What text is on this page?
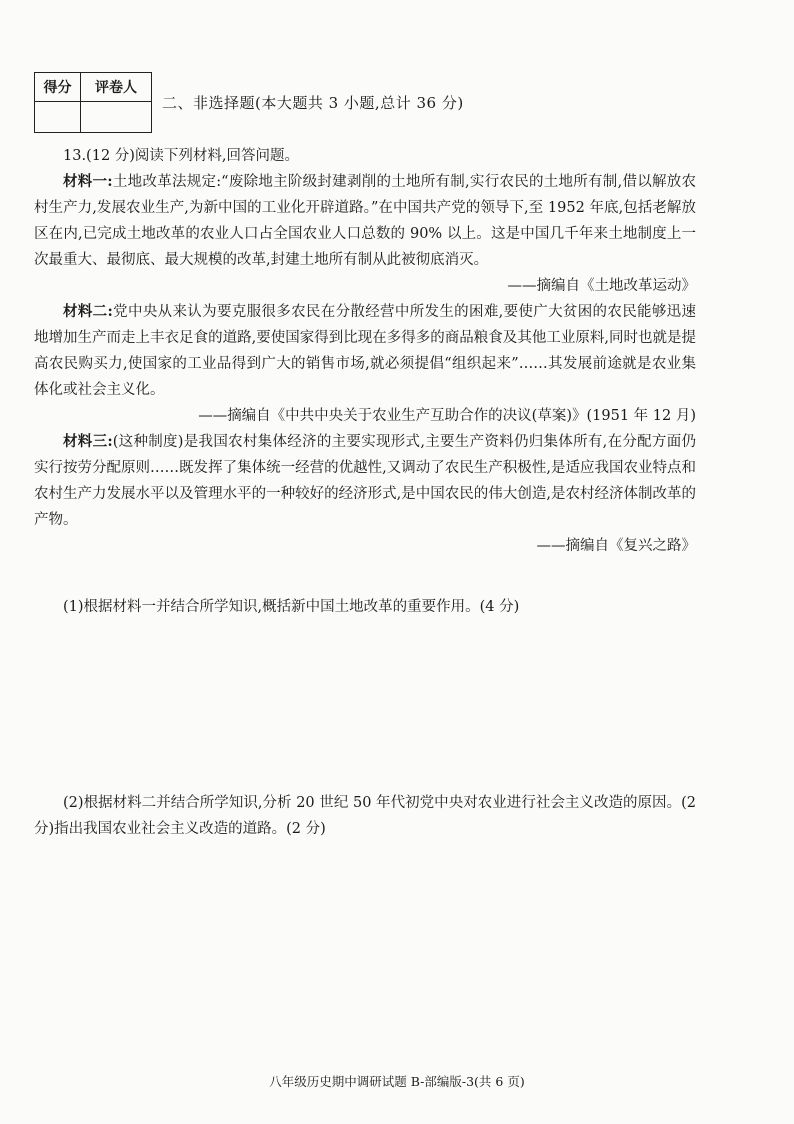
得分	评卷人

二、非选择题(本大题共 3 小题,总计 36 分)

13.(12 分)阅读下列材料,回答问题。

材料一:土地改革法规定:“废除地主阶级封建剥削的土地所有制,实行农民的土地所有制,借以解放农村生产力,发展农业生产,为新中国的工业化开辟道路。”在中国共产党的领导下,至 1952 年底,包括老解放区在内,已完成土地改革的农业人口占全国农业人口总数的 90% 以上。这是中国几千年来土地制度上一次最重大、最彻底、最大规模的改革,封建土地所有制从此被彻底消灭。

——摘编自《土地改革运动》

材料二:党中央从来认为要克服很多农民在分散经营中所发生的困难,要使广大贫困的农民能够迅速地增加生产而走上丰衣足食的道路,要使国家得到比现在多得多的商品粮食及其他工业原料,同时也就是提高农民购买力,使国家的工业品得到广大的销售市场,就必须提倡“组织起来”……其发展前途就是农业集体化或社会主义化。

——摘编自《中共中央关于农业生产互助合作的决议(草案)》(1951 年 12 月)

材料三:(这种制度)是我国农村集体经济的主要实现形式,主要生产资料仍归集体所有,在分配方面仍实行按劳分配原则……既发挥了集体统一经营的优越性,又调动了农民生产积极性,是适应我国农业特点和农村生产力发展水平以及管理水平的一种较好的经济形式,是中国农民的伟大创造,是农村经济体制改革的产物。

——摘编自《复兴之路》

(1)根据材料一并结合所学知识,概括新中国土地改革的重要作用。(4 分)
(2)根据材料二并结合所学知识,分析 20 世纪 50 年代初党中央对农业进行社会主义改造的原因。(2 分)指出我国农业社会主义改造的道路。(2 分)
八年级历史期中调研试题 B-部编版-3(共 6 页)
